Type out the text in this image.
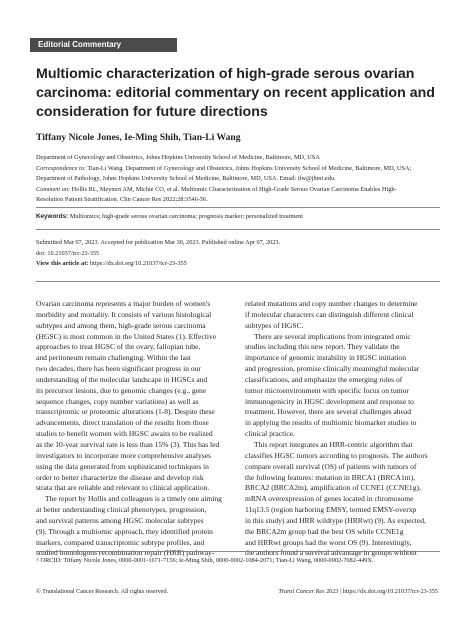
Editorial Commentary
Multiomic characterization of high-grade serous ovarian carcinoma: editorial commentary on recent application and consideration for future directions
Tiffany Nicole Jones, Ie-Ming Shih, Tian-Li Wang
Department of Gynecology and Obstetrics, Johns Hopkins University School of Medicine, Baltimore, MD, USA
Correspondence to: Tian-Li Wang. Department of Gynecology and Obstetrics, Johns Hopkins University School of Medicine, Baltimore, MD, USA;
Department of Pathology, Johns Hopkins University School of Medicine, Baltimore, MD, USA. Email: tlw@jhmi.edu.
Comment on: Hollis RL, Meynert AM, Michie CO, et al. Multiomic Characterization of High-Grade Serous Ovarian Carcinoma Enables High-
Resolution Patient Stratification. Clin Cancer Res 2022;28:3546-56.
Keywords: Multiomics; high-grade serous ovarian carcinoma; prognosis marker; personalized treatment
Submitted Mar 07, 2023. Accepted for publication Mar 30, 2023. Published online Apr 07, 2023.
doi: 10.21037/tcr-23-355
View this article at: https://dx.doi.org/10.21037/tcr-23-355

Ovarian carcinoma represents a major burden of women's

morbidity and mortality. It consists of various histological

subtypes and among them, high-grade serous carcinoma

(HGSC) is most common in the United States (1). Effective

approaches to treat HGSC of the ovary, fallopian tube,

and peritoneum remain challenging. Within the last

two decades, there has been significant progress in our

understanding of the molecular landscape in HGSCs and

its precursor lesions, due to genomic changes (e.g., gene

sequence changes, copy number variations) as well as

transcriptomic or proteomic alterations (1-8). Despite these

advancements, direct translation of the results from those

studies to benefit women with HGSC awaits to be realized

as the 10-year survival rate is less than 15% (3). This has led

investigators to incorporate more comprehensive analyses

using the data generated from sophisticated techniques in

order to better characterize the disease and develop risk

strata that are reliable and relevant to clinical application.

The report by Hollis and colleagues is a timely one aiming

at better understanding clinical phenotypes, progression,

and survival patterns among HGSC molecular subtypes

(9). Through a multiomic approach, they identified protein

markers, compared transcriptomic subtype profiles, and

studied homologous recombination repair (HRR) pathway-

related mutations and copy number changes to determine

if molecular characters can distinguish different clinical

subtypes of HGSC.

There are several implications from integrated omic

studies including this new report. They validate the

importance of genomic instability in HGSC initiation

and progression, promise clinically meaningful molecular

classifications, and emphasize the emerging roles of

tumor microenvironment with specific focus on tumor

immunogenicity in HGSC development and response to

treatment. However, there are several challenges ahead

in applying the results of multiomic biomarker studies to

clinical practice.

This report integrates an HRR-centric algorithm that

classifies HGSC tumors according to prognosis. The authors

compare overall survival (OS) of patients with tumors of

the following features: mutation in BRCA1 (BRCA1m),

BRCA2 (BRCA2m), amplification of CCNE1 (CCNE1g),

mRNA overexpression of genes located in chromosome

11q13.5 (region harboring EMSY, termed EMSY-overxp

in this study) and HRR wildtype (HRRwt) (9). As expected,

the BRCA2m group had the best OS while CCNE1g

and HRRwt groups had the worst OS (9). Interestingly,

the authors found a survival advantage in groups without

^ ORCID: Tiffany Nicole Jones, 0000-0001-1671-7156; Ie-Ming Shih, 0000-0002-1084-2071; Tian-Li Wang, 0000-0002-7082-449X.
© Translational Cancer Research. All rights reserved.	Transl Cancer Res 2023 | https://dx.doi.org/10.21037/tcr-23-355
